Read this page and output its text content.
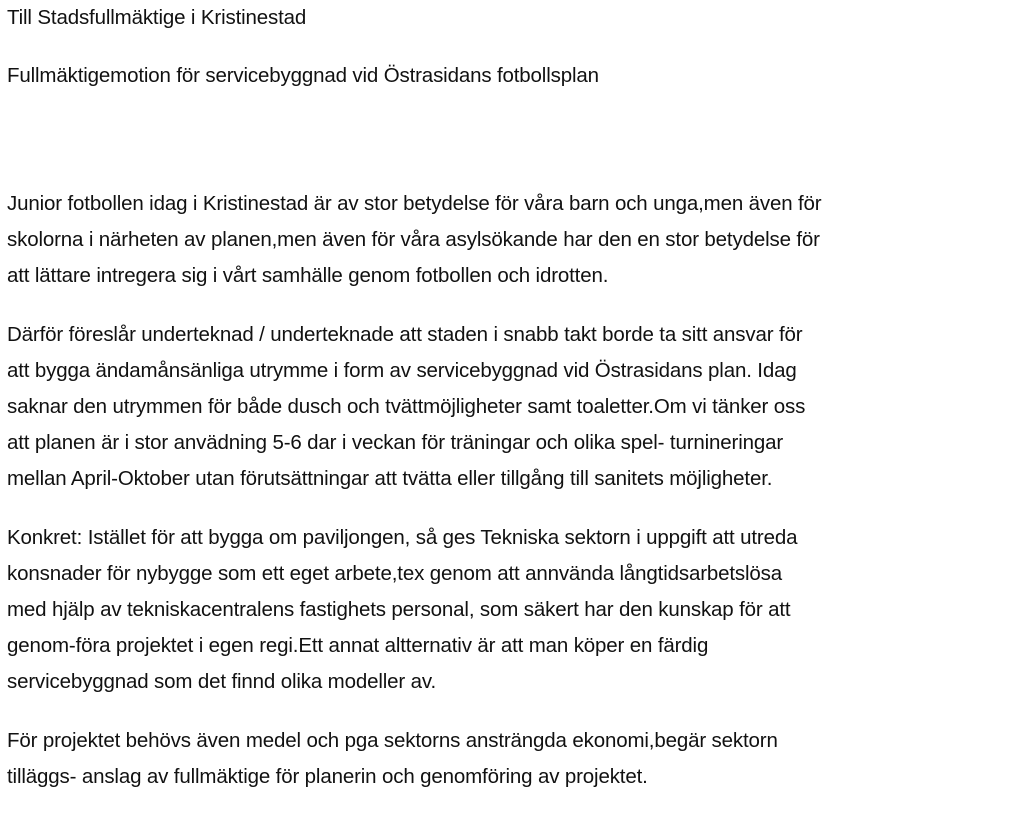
Till Stadsfullmäktige i Kristinestad
Fullmäktigemotion för servicebyggnad vid Östrasidans fotbollsplan
Junior fotbollen idag i Kristinestad är av stor betydelse för våra barn och unga,men även för
skolorna i närheten av planen,men även för våra asylsökande har den en stor betydelse för
att lättare intregera sig i vårt samhälle genom fotbollen och idrotten.
Därför föreslår underteknad / underteknade att staden i snabb takt borde ta sitt ansvar för
att bygga ändamånsänliga utrymme i form av servicebyggnad vid Östrasidans plan. Idag
saknar den utrymmen för både dusch och tvättmöjligheter samt toaletter.Om vi tänker oss
att planen är i stor anvädning 5-6 dar i veckan för träningar och olika spel- turnineringar
mellan April-Oktober utan förutsättningar att tvätta eller tillgång till sanitets möjligheter.
Konkret: Istället för att bygga om paviljongen, så ges Tekniska sektorn i uppgift att utreda
konsnader för nybygge som ett eget arbete,tex genom att annvända långtidsarbetslösa
med hjälp av tekniskacentralens fastighets personal, som säkert har den kunskap för att
genom-föra projektet i egen regi.Ett annat altternativ är att man köper en färdig
servicebyggnad som det finnd olika modeller av.
För projektet behövs även medel och pga sektorns ansträngda ekonomi,begär sektorn
tilläggs- anslag av fullmäktige för planerin och genomföring av projektet.
